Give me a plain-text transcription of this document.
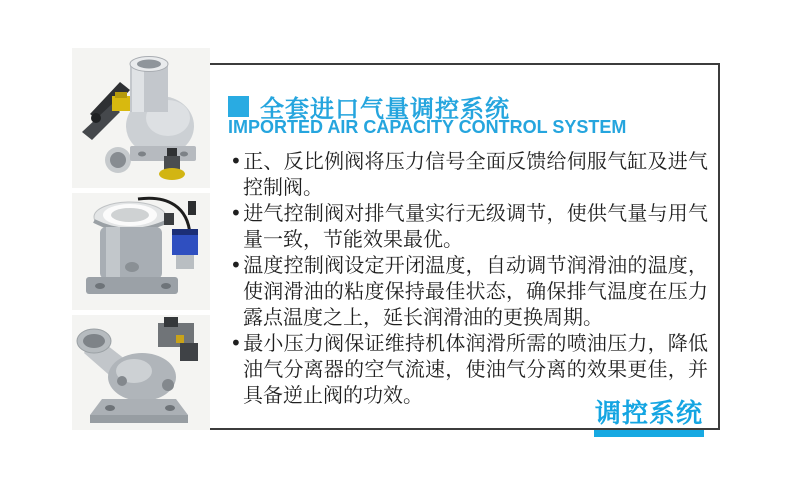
全套进口气量调控系统
IMPORTED AIR CAPACITY CONTROL SYSTEM

•正、反比例阀将压力信号全面反馈给伺服气缸及进气控制阀。

•进气控制阀对排气量实行无级调节，使供气量与用气量一致，节能效果最优。

•温度控制阀设定开闭温度，自动调节润滑油的温度，使润滑油的粘度保持最佳状态，确保排气温度在压力露点温度之上，延长润滑油的更换周期。

•最小压力阀保证维持机体润滑所需的喷油压力，降低油气分离器的空气流速，使油气分离的效果更佳，并具备逆止阀的功效。

调控系统
